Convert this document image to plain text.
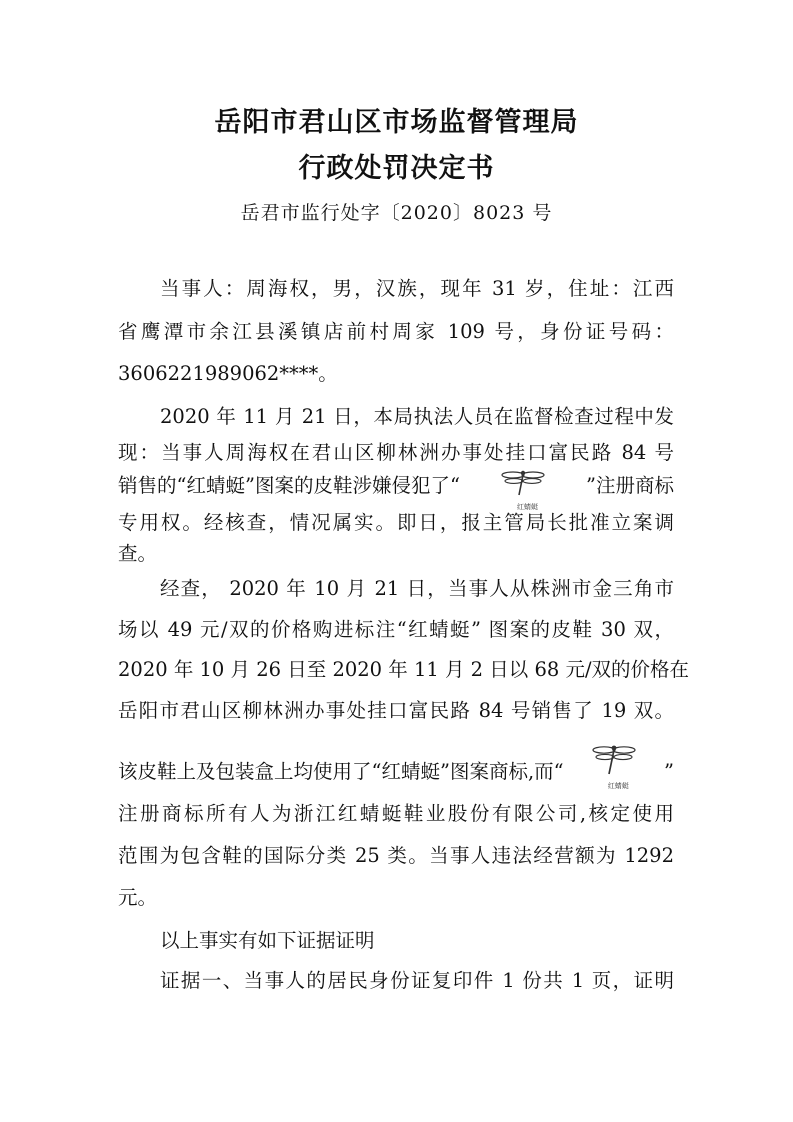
岳阳市君山区市场监督管理局
行政处罚决定书
岳君市监行处字〔2020〕8023 号
当事人：周海权，男，汉族，现年 31 岁，住址：江西
省鹰潭市余江县溪镇店前村周家 109 号，身份证号码：
3606221989062****。
2020 年 11 月 21 日，本局执法人员在监督检查过程中发
现：当事人周海权在君山区柳林洲办事处挂口富民路 84 号
销售的“红蜻蜓”图案的皮鞋涉嫌侵犯了“
红蜻蜓
”注册商标
专用权。经核查，情况属实。即日，报主管局长批准立案调
查。
经查， 2020 年 10 月 21 日，当事人从株洲市金三角市
场以 49 元/双的价格购进标注“红蜻蜓” 图案的皮鞋 30 双，
2020 年 10 月 26 日至 2020 年 11 月 2 日以 68 元/双的价格在
岳阳市君山区柳林洲办事处挂口富民路 84 号销售了 19 双。
该皮鞋上及包装盒上均使用了“红蜻蜓”图案商标,而“
红蜻蜓
”
注册商标所有人为浙江红蜻蜓鞋业股份有限公司,核定使用
范围为包含鞋的国际分类 25 类。当事人违法经营额为 1292
元。
以上事实有如下证据证明
证据一、当事人的居民身份证复印件 1 份共 1 页，证明
